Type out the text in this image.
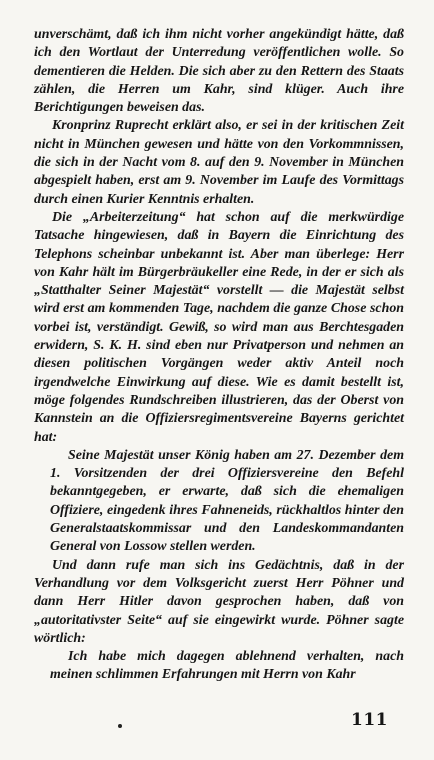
unverschämt, daß ich ihm nicht vorher angekündigt hätte, daß ich den Wortlaut der Unterredung veröffentlichen wolle. So dementieren die Helden. Die sich aber zu den Rettern des Staats zählen, die Herren um Kahr, sind klüger. Auch ihre Berichtigungen beweisen das.

Kronprinz Ruprecht erklärt also, er sei in der kritischen Zeit nicht in München gewesen und hätte von den Vorkommnissen, die sich in der Nacht vom 8. auf den 9. November in München abgespielt haben, erst am 9. November im Laufe des Vormittags durch einen Kurier Kenntnis erhalten.

Die „Arbeiterzeitung“ hat schon auf die merkwürdige Tatsache hingewiesen, daß in Bayern die Einrichtung des Telephons scheinbar unbekannt ist. Aber man überlege: Herr von Kahr hält im Bürgerbräukeller eine Rede, in der er sich als „Statthalter Seiner Majestät“ vorstellt — die Majestät selbst wird erst am kommenden Tage, nachdem die ganze Chose schon vorbei ist, verständigt. Gewiß, so wird man aus Berchtesgaden erwidern, S. K. H. sind eben nur Privatperson und nehmen an diesen politischen Vorgängen weder aktiv Anteil noch irgendwelche Einwirkung auf diese. Wie es damit bestellt ist, möge folgendes Rundschreiben illustrieren, das der Oberst von Kannstein an die Offiziersregimentsvereine Bayerns gerichtet hat:

Seine Majestät unser König haben am 27. Dezember dem 1. Vorsitzenden der drei Offiziersvereine den Befehl bekanntgegeben, er erwarte, daß sich die ehemaligen Offiziere, eingedenk ihres Fahneneids, rückhaltlos hinter den Generalstaatskommissar und den Landeskommandanten General von Lossow stellen werden.

Und dann rufe man sich ins Gedächtnis, daß in der Verhandlung vor dem Volksgericht zuerst Herr Pöhner und dann Herr Hitler davon gesprochen haben, daß von „autoritativster Seite“ auf sie eingewirkt wurde. Pöhner sagte wörtlich:

Ich habe mich dagegen ablehnend verhalten, nach meinen schlimmen Erfahrungen mit Herrn von Kahr

111
